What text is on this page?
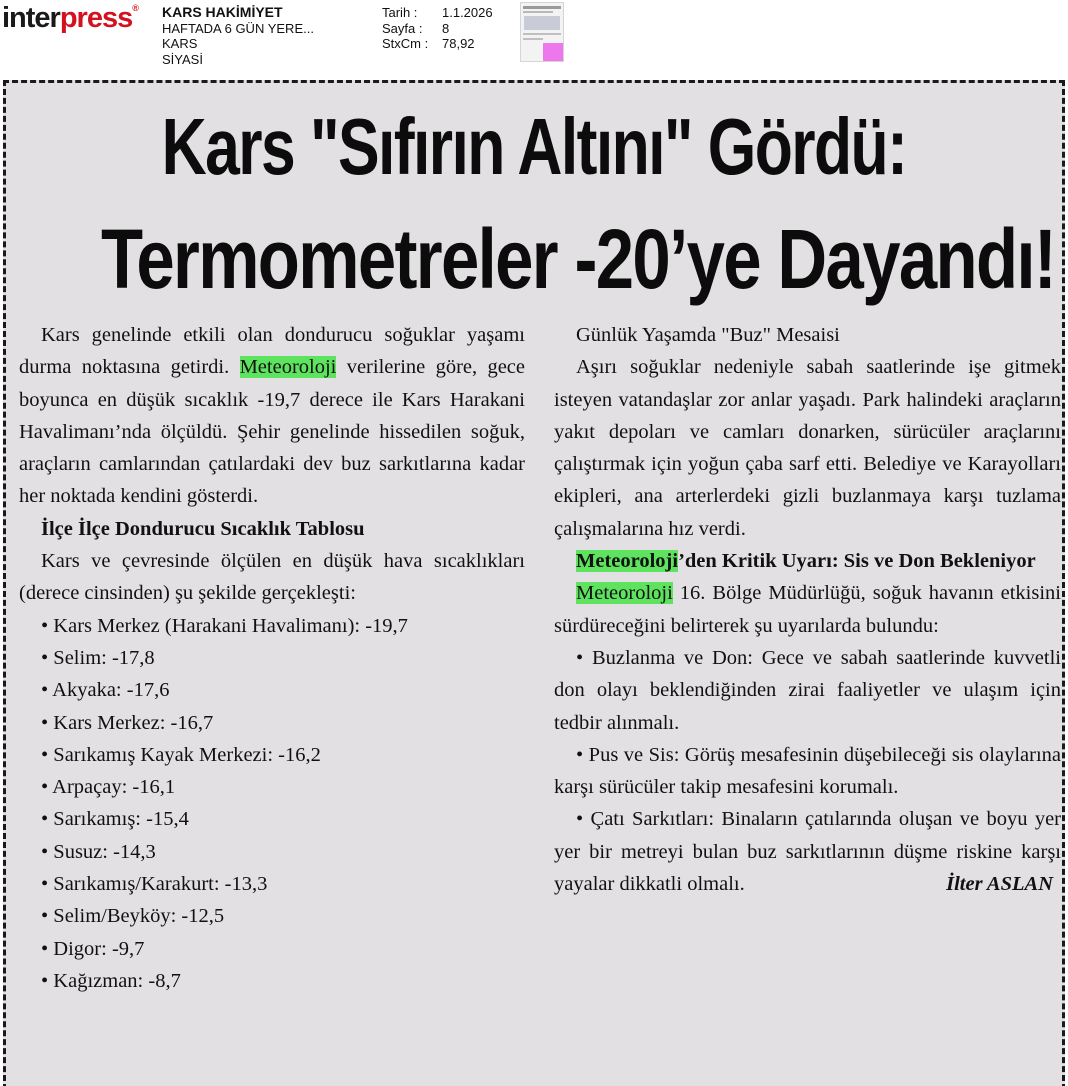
interpress® KARS HAKİMİYET
HAFTADA 6 GÜN YERE...
KARS
SİYASİ
Tarih :	1.1.2026
Sayfa :	8
StxCm :	78,92
Kars "Sıfırın Altını" Gördü:
Termometreler -20’ye Dayandı!

Kars genelinde etkili olan dondurucu soğuklar yaşamı durma noktasına getirdi. Meteoroloji verilerine göre, gece boyunca en düşük sıcaklık -19,7 derece ile Kars Harakani Havalimanı’nda ölçüldü. Şehir genelinde hissedilen soğuk, araçların camlarından çatılardaki dev buz sarkıtlarına kadar her noktada kendini gösterdi.

İlçe İlçe Dondurucu Sıcaklık Tablosu

Kars ve çevresinde ölçülen en düşük hava sıcaklıkları (derece cinsinden) şu şekilde gerçekleşti:

• Kars Merkez (Harakani Havalimanı): -19,7
• Selim: -17,8
• Akyaka: -17,6
• Kars Merkez: -16,7
• Sarıkamış Kayak Merkezi: -16,2
• Arpaçay: -16,1
• Sarıkamış: -15,4
• Susuz: -14,3
• Sarıkamış/Karakurt: -13,3
• Selim/Beyköy: -12,5
• Digor: -9,7
• Kağızman: -8,7
Günlük Yaşamda "Buz" Mesaisi

Aşırı soğuklar nedeniyle sabah saatlerinde işe gitmek isteyen vatandaşlar zor anlar yaşadı. Park halindeki araçların yakıt depoları ve camları donarken, sürücüler araçlarını çalıştırmak için yoğun çaba sarf etti. Belediye ve Karayolları ekipleri, ana arterlerdeki gizli buzlanmaya karşı tuzlama çalışmalarına hız verdi.

Meteoroloji’den Kritik Uyarı: Sis ve Don Bekleniyor

Meteoroloji 16. Bölge Müdürlüğü, soğuk havanın etkisini sürdüreceğini belirterek şu uyarılarda bulundu:

• Buzlanma ve Don: Gece ve sabah saatlerinde kuvvetli don olayı beklendiğinden zirai faaliyetler ve ulaşım için tedbir alınmalı.

• Pus ve Sis: Görüş mesafesinin düşebileceği sis olaylarına karşı sürücüler takip mesafesini korumalı.

• Çatı Sarkıtları: Binaların çatılarında oluşan ve boyu yer yer bir metreyi bulan buz sarkıtlarının düşme riskine karşı yayalar dikkatli olmalı.	İlter ASLAN
